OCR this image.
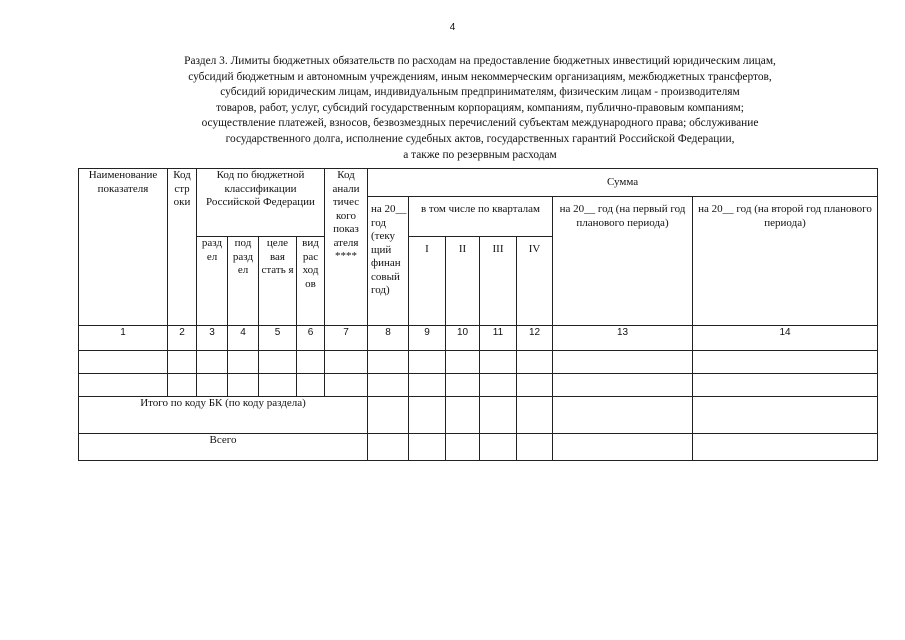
4
Раздел 3. Лимиты бюджетных обязательств по расходам на предоставление бюджетных инвестиций юридическим лицам,
субсидий бюджетным и автономным учреждениям, иным некоммерческим организациям, межбюджетных трансфертов,
субсидий юридическим лицам, индивидуальным предпринимателям, физическим лицам - производителям
товаров, работ, услуг, субсидий государственным корпорациям, компаниям, публично-правовым компаниям;
осуществление платежей, взносов, безвозмездных перечислений субъектам международного права; обслуживание
государственного долга, исполнение судебных актов, государственных гарантий Российской Федерации,
а также по резервным расходам
Наименование показателя	Код стр оки	Код по бюджетной классификации Российской Федерации				Код анали тичес кого показ ателя ****	Сумма						
							на 20__ год (теку щий финан совый год)	в том числе по кварталам				на 20__ год (на первый год планового периода)	на 20__ год (на второй год планового периода)
		разд ел	под разд ел	целе вая стать я	вид рас ход ов			I	II	III	IV		
1	2	3	4	5	6	7	8	9	10	11	12	13	14

Итого по коду БК (по коду раздела)													
Всего													
